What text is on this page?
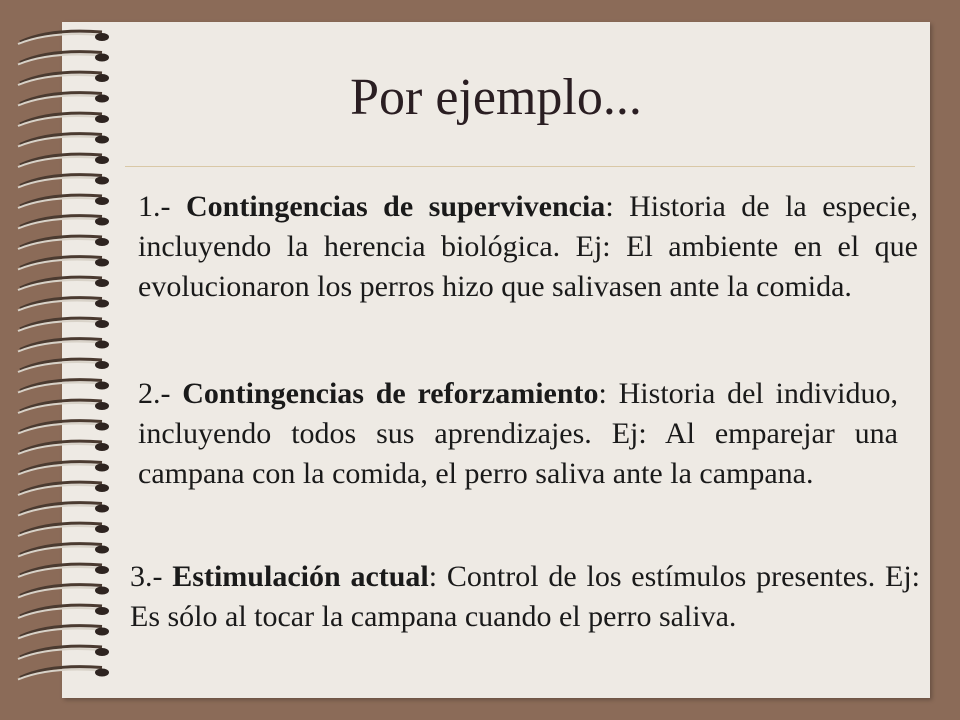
Por ejemplo...

1.- Contingencias de supervivencia: Historia de la especie, incluyendo la herencia biológica. Ej: El ambiente en el que evolucionaron los perros hizo que salivasen ante la comida.

2.- Contingencias de reforzamiento: Historia del individuo, incluyendo todos sus aprendizajes. Ej: Al emparejar una campana con la comida, el perro saliva ante la campana.

3.- Estimulación actual: Control de los estímulos presentes. Ej: Es sólo al tocar la campana cuando el perro saliva.
